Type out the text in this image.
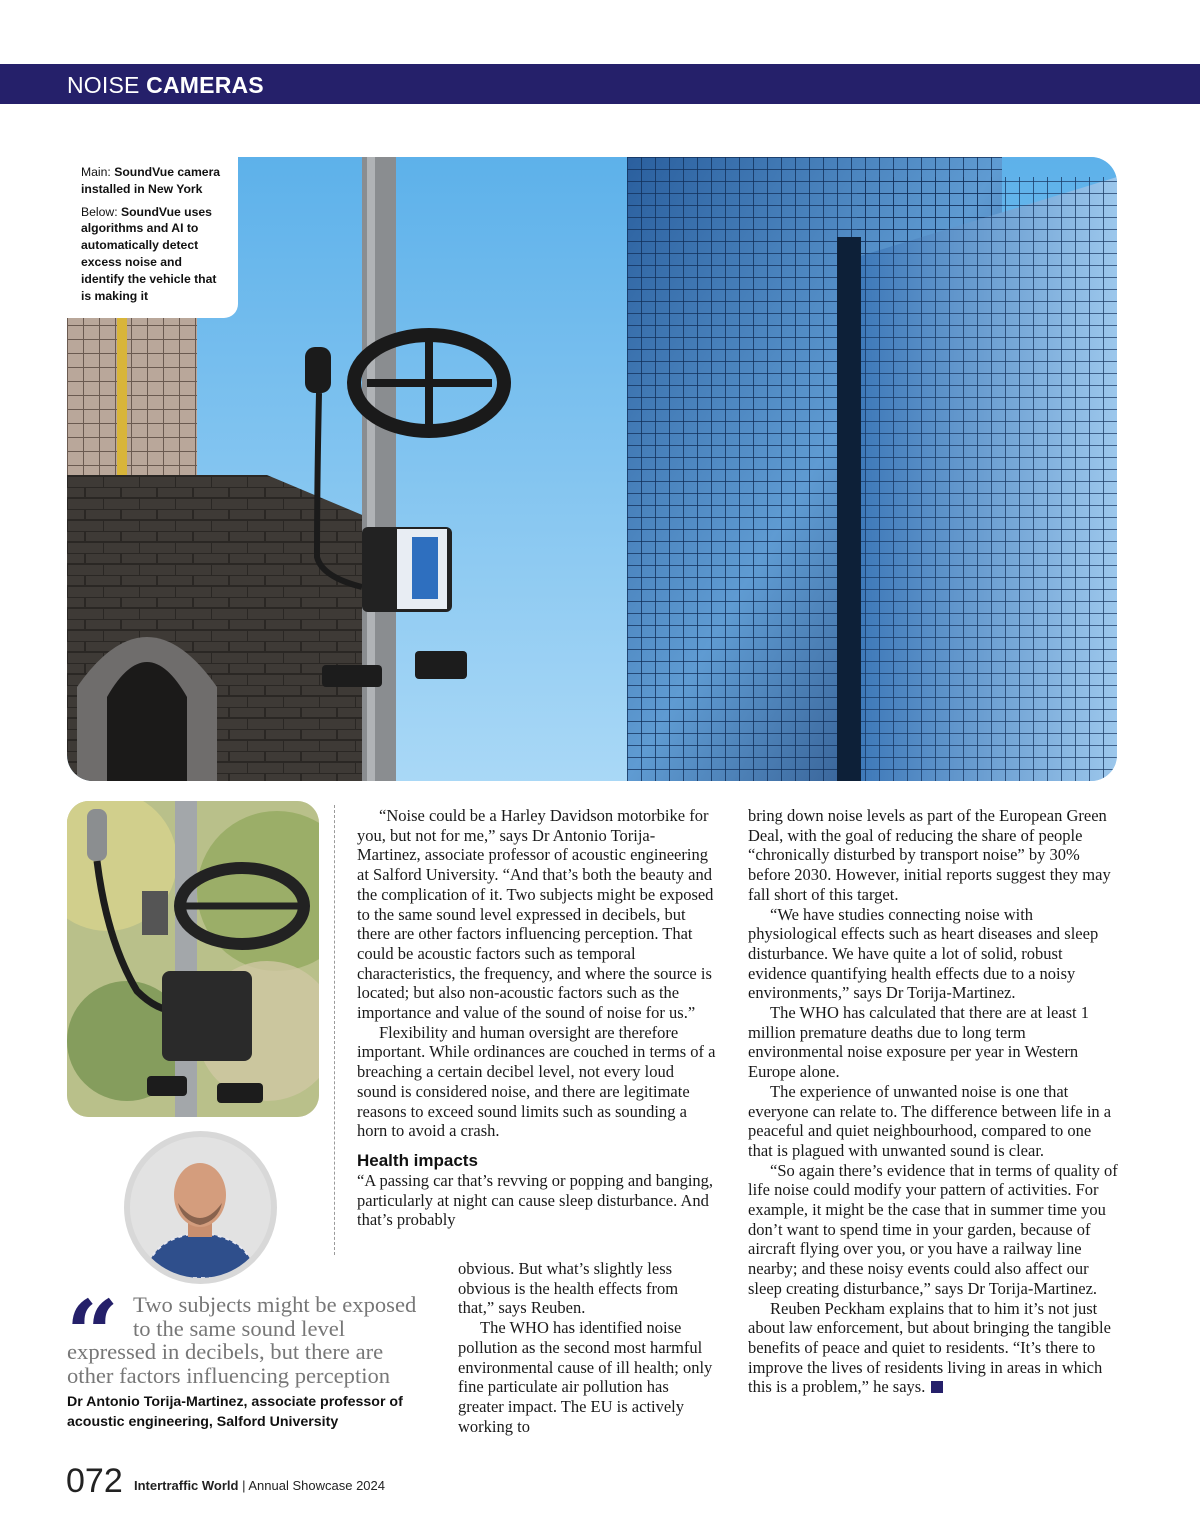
NOISE CAMERAS

Main: SoundVue camera installed in New York

Below: SoundVue uses algorithms and AI to automatically detect excess noise and identify the vehicle that is making it

“ Two subjects might be exposed
to the same sound level
expressed in decibels, but there are other factors influencing perception
Dr Antonio Torija-Martinez, associate professor of acoustic engineering, Salford University

“Noise could be a Harley Davidson motorbike for you, but not for me,” says Dr Antonio Torija-Martinez, associate professor of acoustic engineering at Salford University. “And that’s both the beauty and the complication of it. Two subjects might be exposed to the same sound level expressed in decibels, but there are other factors influencing perception. That could be acoustic factors such as temporal characteristics, the frequency, and where the source is located; but also non-acoustic factors such as the importance and value of the sound of noise for us.”

Flexibility and human oversight are therefore important. While ordinances are couched in terms of a breaching a certain decibel level, not every loud sound is considered noise, and there are legitimate reasons to exceed sound limits such as sounding a horn to avoid a crash.

Health impacts

“A passing car that’s revving or popping and banging, particularly at night can cause sleep disturbance. And that’s probably

obvious. But what’s slightly less obvious is the health effects from that,” says Reuben.

The WHO has identified noise pollution as the second most harmful environmental cause of ill health; only fine particulate air pollution has greater impact. The EU is actively working to

bring down noise levels as part of the European Green Deal, with the goal of reducing the share of people “chronically disturbed by transport noise” by 30% before 2030. However, initial reports suggest they may fall short of this target.

“We have studies connecting noise with physiological effects such as heart diseases and sleep disturbance. We have quite a lot of solid, robust evidence quantifying health effects due to a noisy environments,” says Dr Torija-Martinez.

The WHO has calculated that there are at least 1 million premature deaths due to long term environmental noise exposure per year in Western Europe alone.

The experience of unwanted noise is one that everyone can relate to. The difference between life in a peaceful and quiet neighbourhood, compared to one that is plagued with unwanted sound is clear.

“So again there’s evidence that in terms of quality of life noise could modify your pattern of activities. For example, it might be the case that in summer time you don’t want to spend time in your garden, because of aircraft flying over you, or you have a railway line nearby; and these noisy events could also affect our sleep creating disturbance,” says Dr Torija-Martinez.

Reuben Peckham explains that to him it’s not just about law enforcement, but about bringing the tangible benefits of peace and quiet to residents. “It’s there to improve the lives of residents living in areas in which this is a problem,” he says.

072 Intertraffic World | Annual Showcase 2024
